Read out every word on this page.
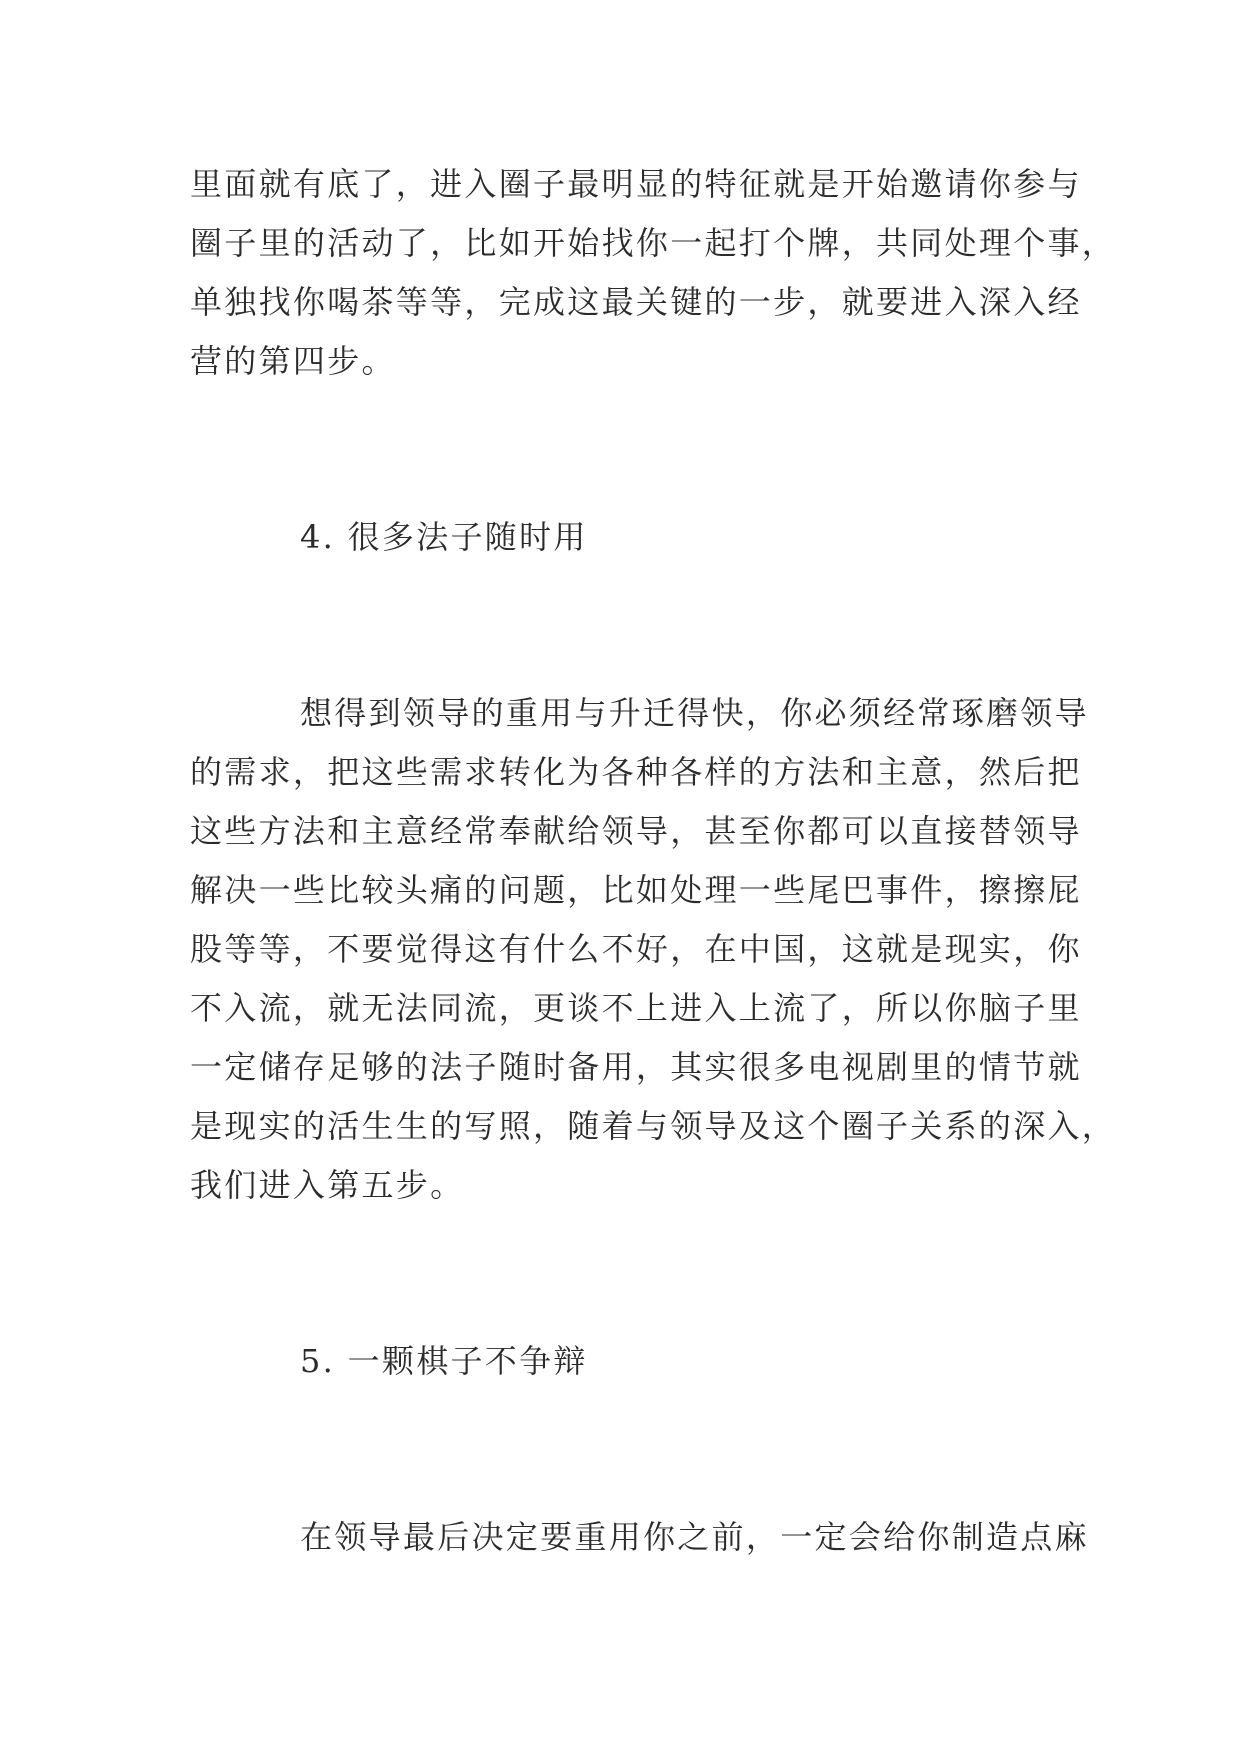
里面就有底了，进入圈子最明显的特征就是开始邀请你参与
圈子里的活动了，比如开始找你一起打个牌，共同处理个事，
单独找你喝茶等等，完成这最关键的一步，就要进入深入经
营的第四步。
4. 很多法子随时用
想得到领导的重用与升迁得快，你必须经常琢磨领导
的需求，把这些需求转化为各种各样的方法和主意，然后把
这些方法和主意经常奉献给领导，甚至你都可以直接替领导
解决一些比较头痛的问题，比如处理一些尾巴事件，擦擦屁
股等等，不要觉得这有什么不好，在中国，这就是现实，你
不入流，就无法同流，更谈不上进入上流了，所以你脑子里
一定储存足够的法子随时备用，其实很多电视剧里的情节就
是现实的活生生的写照，随着与领导及这个圈子关系的深入，
我们进入第五步。
5. 一颗棋子不争辩
在领导最后决定要重用你之前，一定会给你制造点麻
